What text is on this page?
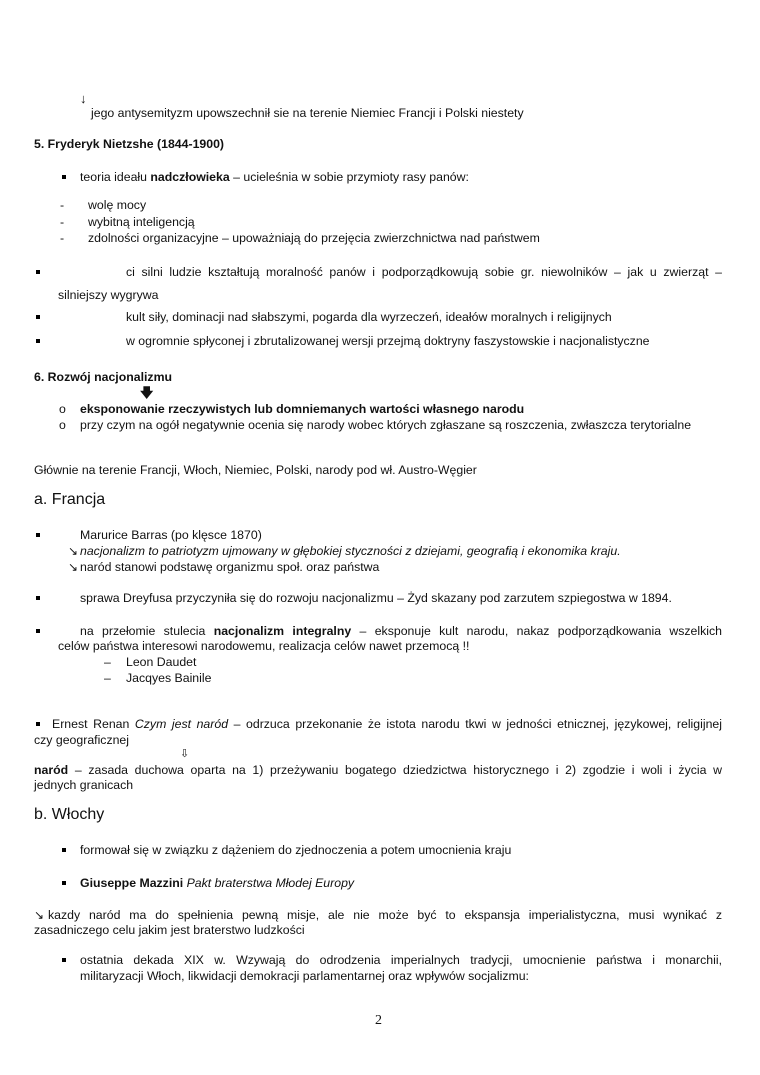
↓
jego antysemityzm upowszechnił sie na terenie Niemiec Francji i Polski niestety
5. Fryderyk Nietzshe (1844-1900)
teoria ideału nadczłowieka – ucieleśnia w sobie przymioty rasy panów:
- wolę mocy
- wybitną inteligencją
- zdolności organizacyjne – upoważniają do przejęcia zwierzchnictwa nad państwem
ci silni ludzie kształtują moralność panów i podporządkowują sobie gr. niewolników – jak u zwierząt –
silniejszy wygrywa
kult siły, dominacji nad słabszymi, pogarda dla wyrzeczeń, ideałów moralnych i religijnych
w ogromnie spłyconej i zbrutalizowanej wersji przejmą doktryny faszystowskie i nacjonalistyczne
6. Rozwój nacjonalizmu
🡇
o eksponowanie rzeczywistych lub domniemanych wartości własnego narodu
o przy czym na ogół negatywnie ocenia się narody wobec których zgłaszane są roszczenia, zwłaszcza terytorialne
Głównie na terenie Francji, Włoch, Niemiec, Polski, narody pod wł. Austro-Węgier
a. Francja
Marurice Barras (po klęsce 1870)
↘ nacjonalizm to patriotyzm ujmowany w głębokiej styczności z dziejami, geografią i ekonomika kraju.
↘ naród stanowi podstawę organizmu społ. oraz państwa
sprawa Dreyfusa przyczyniła się do rozwoju nacjonalizmu – Żyd skazany pod zarzutem szpiegostwa w 1894.
na przełomie stulecia nacjonalizm integralny – eksponuje kult narodu, nakaz podporządkowania wszelkich
celów państwa interesowi narodowemu, realizacja celów nawet przemocą !!
– Leon Daudet
– Jacqyes Bainile
Ernest Renan Czym jest naród – odrzuca przekonanie że istota narodu tkwi w jedności etnicznej, językowej, religijnej
czy geograficznej
⇩
naród – zasada duchowa oparta na 1) przeżywaniu bogatego dziedzictwa historycznego i 2) zgodzie i woli i życia w
jednych granicach
b. Włochy
formował się w związku z dążeniem do zjednoczenia a potem umocnienia kraju
Giuseppe Mazzini Pakt braterstwa Młodej Europy
↘ kazdy naród ma do spełnienia pewną misje, ale nie może być to ekspansja imperialistyczna, musi wynikać z
zasadniczego celu jakim jest braterstwo ludzkości
ostatnia dekada XIX w. Wzywają do odrodzenia imperialnych tradycji, umocnienie państwa i monarchii,
militaryzacji Włoch, likwidacji demokracji parlamentarnej oraz wpływów socjalizmu:
2
